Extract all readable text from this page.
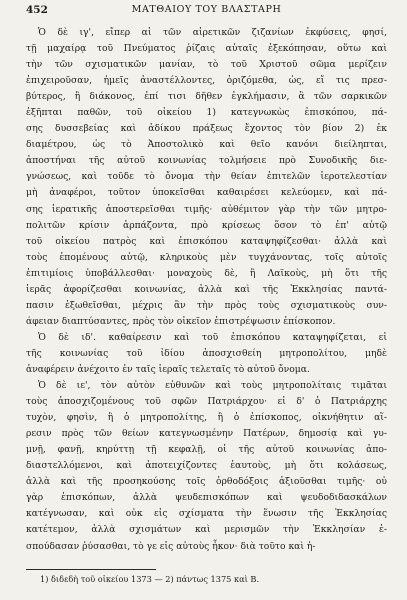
452	ΜΑΤΘΑΙΟΥ ΤΟΥ ΒΛΑΣΤΑΡΗ
Ὁ δὲ ιγ', εἴπερ αἱ τῶν αἱρετικῶν ζιζανίων ἐκφύσεις, φησί,
τῇ μαχαίρᾳ τοῦ Πνεύματος ῥίζαις αὐταῖς ἐξεκόπησαν, οὕτω καὶ
τὴν τῶν σχισματικῶν μανίαν, τὸ τοῦ Χριστοῦ σῶμα μερίζειν
ἐπιχειροῦσαν, ἡμεῖς ἀναστέλλοντες, ὁριζόμεθα, ὡς, εἴ τις πρεσ-
βύτερος, ἢ διάκονος, ἐπί τισι δῆθεν ἐγκλήμασιν, ἃ τῶν σαρκικῶν
ἐξῆπται παθῶν, τοῦ οἰκείου 1) κατεγνωκὼς ἐπισκόπου, πά-
σης δυσσεβείας καὶ ἀδίκου πράξεως ἔχοντος τὸν βίον 2) ἐκ
διαμέτρου, ὡς τὸ Ἀποστολικὸ καὶ θεῖο κανόνι διείληπται,
ἀποστήναι τῆς αὐτοῦ κοινωνίας τολμήσειε πρὸ Συνοδικῆς διε-
γνώσεως, καὶ τοῦδε τὸ ὄνομα τὴν θείαν ἐπιτελῶν ἱεροτελεστίαν
μὴ ἀναφέροι, τοῦτον ὑποκεῖσθαι καθαιρέσει κελεύομεν, καὶ πά-
σης ἱερατικῆς ἀποστερεῖσθαι τιμῆς· αὐθέμιτον γὰρ τὴν τῶν μητρο-
πολιτῶν κρίσιν ἁρπάζοντα, πρὸ κρίσεως ὅσον τὸ ἐπ' αὐτῷ
τοῦ οἰκείου πατρὸς καὶ ἐπισκόπου καταψηφίζεσθαι· ἀλλὰ καὶ
τοὺς ἑπομένους αὐτῷ, κληρικοὺς μὲν τυγχάνοντας, τοῖς αὐτοῖς
ἐπιτιμίοις ὑποβάλλεσθαι· μοναχοὺς δὲ, ἢ Λαϊκοὺς, μὴ ὅτι τῆς
ἱερᾶς ἀφορίζεσθαι κοινωνίας, ἀλλὰ καὶ τῆς Ἐκκλησίας παντά-
πασιν ἐξωθεῖσθαι, μέχρις ἂν τὴν πρὸς τοὺς σχισματικοὺς συν-
άφειαν διαπτύσαντες, πρὸς τὸν οἰκεῖον ἐπιστρέψωσιν ἐπίσκοπον.
Ὁ δὲ ιδ'. καθαίρεσιν καὶ τοῦ ἐπισκόπου καταψηφίζεται, εἰ
τῆς κοινωνίας τοῦ ἰδίου ἀποσχισθείη μητροπολίτου, μηδὲ
ἀναφέρειν ἀνέχοιτο ἐν ταῖς ἱεραῖς τελεταῖς τὸ αὐτοῦ ὄνομα.
Ὁ δὲ ιε', τὸν αὐτὸν εὐθυνῶν καὶ τοὺς μητροπολίταις τιμᾶται
τοὺς ἀποσχιζομένους τοῦ σφῶν Πατριάρχου· εἰ δ' ὁ Πατριάρχης
τυχὸν, φησὶν, ἢ ὁ μητροπολίτης, ἢ ὁ ἐπίσκοπος, οἰκνήθητιν αἵ-
ρεσιν πρὸς τῶν θείων κατεγνωσμένην Πατέρων, δημοσίᾳ καὶ γυ-
μνῇ, φανῇ, κηρύττῃ τῇ κεφαλῇ, οἱ τῆς αὐτοῦ κοινωνίας ἀπο-
διαστελλόμενοι, καὶ ἀποτειχίζοντες ἑαυτοὺς, μὴ ὅτι κολάσεως,
ἀλλὰ καὶ τῆς προσηκούσης τοῖς ὀρθοδόξοις ἀξιοῦσθαι τιμῆς· οὐ
γὰρ ἐπισκόπων, ἀλλὰ ψευδεπισκόπων καὶ ψευδοδιδασκάλων
κατέγνωσαν, καὶ οὐκ εἰς σχίσματα τὴν ἕνωσιν τῆς Ἐκκλησίας
κατέτεμον, ἀλλὰ σχισμάτων καὶ μερισμῶν τὴν Ἐκκλησίαν ἐ-
σπούδασαν ῥύσασθαι, τὸ γε εἰς αὐτοὺς ἧκον· διὰ τοῦτο καὶ ἡ-
1) διδεδὴ τοῦ οἰκείου 1373 — 2) πάντως 1375 καὶ Β.
